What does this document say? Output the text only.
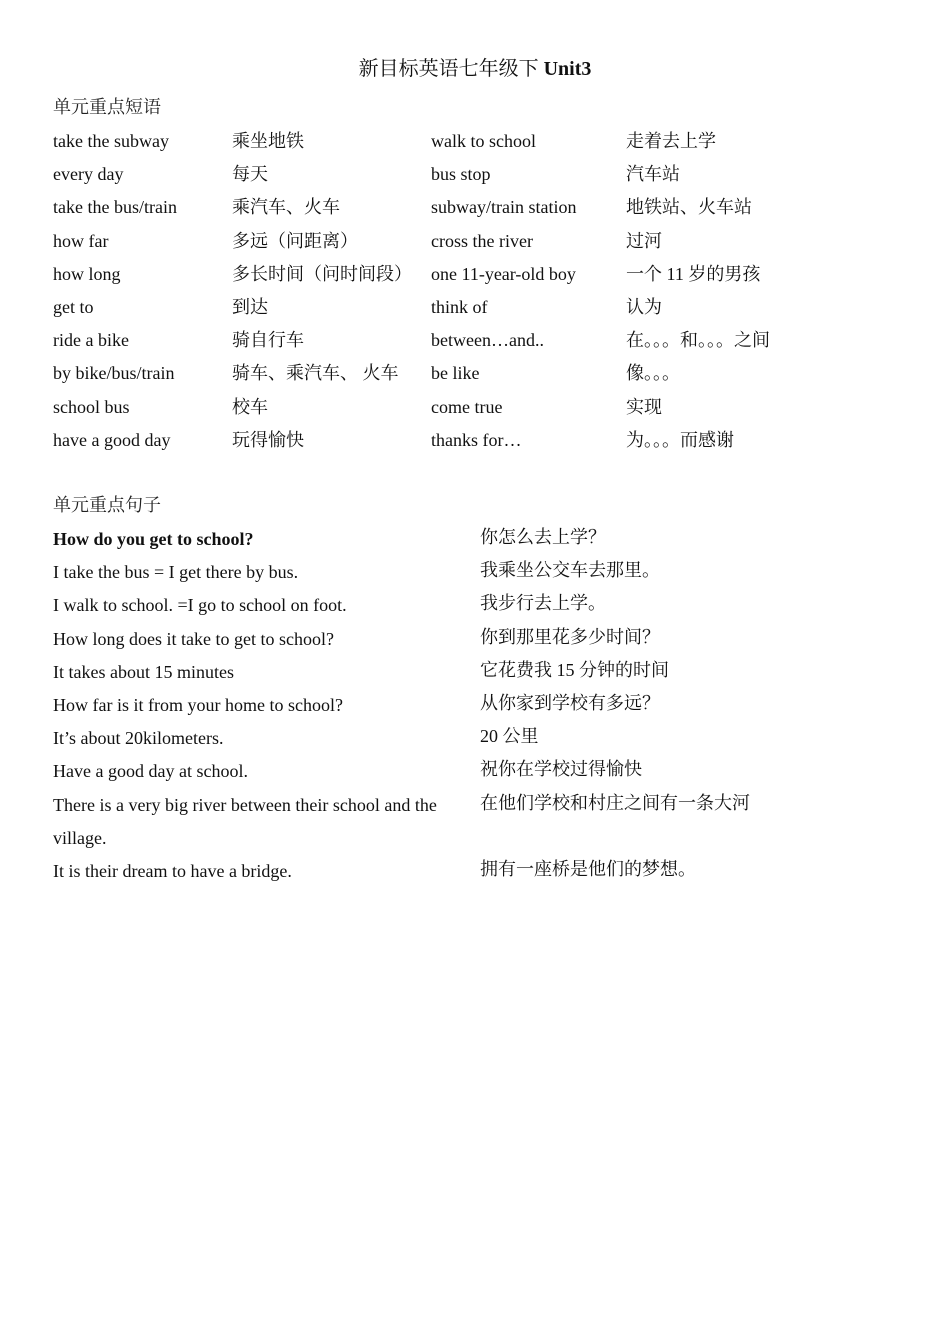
新目标英语七年级下 Unit3
单元重点短语
take the subway	乘坐地铁	walk to school	走着去上学
every day	每天	bus stop	汽车站
take the bus/train	乘汽车、火车	subway/train station	地铁站、火车站
how far	多远（问距离）	cross the river	过河
how long	多长时间（问时间段） one 11-year-old boy	一个 11 岁的男孩
get to	到达	think of	认为
ride a bike	骑自行车	between…and..	在。。。和。。。之间
by bike/bus/train	骑车、乘汽车、 火车 be like	像。。。
school bus	校车	come true	实现
have a good day	玩得愉快	thanks for…	为。。。而感谢
单元重点句子
How do you get to school?	你怎么去上学？
I take the bus = I get there by bus.	我乘坐公交车去那里。
I walk to school. =I go to school on foot.	我步行去上学。
How long does it take to get to school?	你到那里花多少时间？
It takes about 15 minutes	它花费我 15 分钟的时间
How far is it from your home to school?	从你家到学校有多远？
It’s about 20kilometers.	20 公里
Have a good day at school.	祝你在学校过得愉快
There is a very big river between their school and the village.
在他们学校和村庄之间有一条大河
It is their dream to have a bridge.	拥有一座桥是他们的梦想。
